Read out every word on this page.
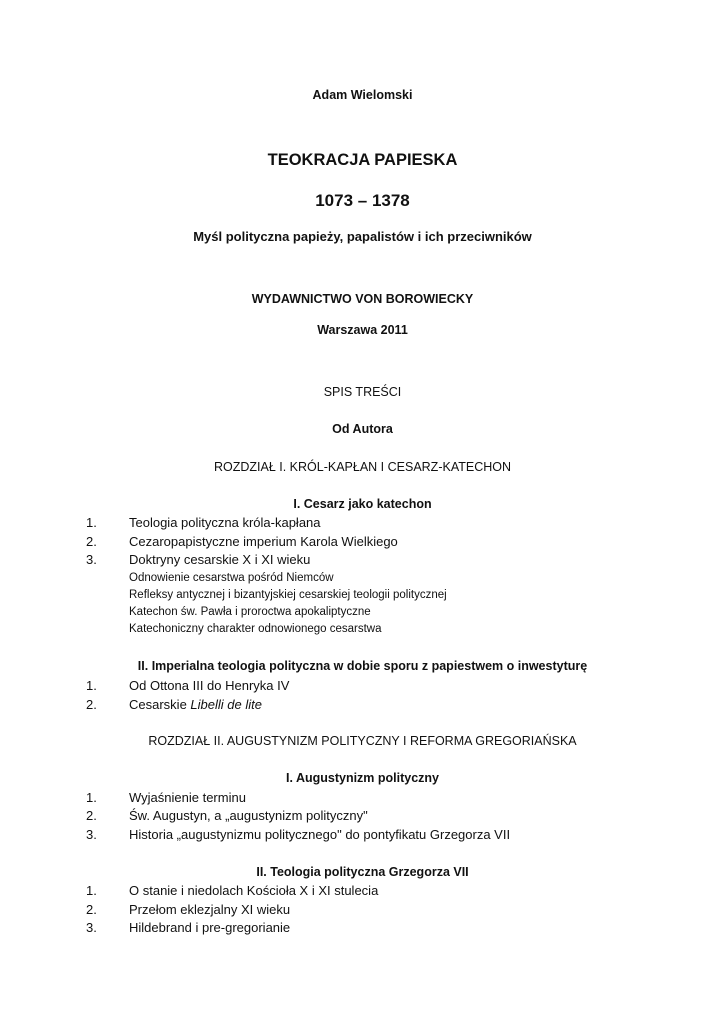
Adam Wielomski
TEOKRACJA PAPIESKA
1073 – 1378
Myśl polityczna papieży, papalistów i ich przeciwników
WYDAWNICTWO VON BOROWIECKY
Warszawa 2011
SPIS TREŚCI
Od Autora
ROZDZIAŁ I. KRÓL-KAPŁAN I CESARZ-KATECHON
I. Cesarz jako katechon
1. Teologia polityczna króla-kapłana
2. Cezaropapistyczne imperium Karola Wielkiego
3. Doktryny cesarskie X i XI wieku
Odnowienie cesarstwa pośród Niemców
Refleksy antycznej i bizantyjskiej cesarskiej teologii politycznej
Katechon św. Pawła i proroctwa apokaliptyczne
Katechoniczny charakter odnowionego cesarstwa
II. Imperialna teologia polityczna w dobie sporu z papiestwem o inwestyturę
1. Od Ottona III do Henryka IV
2. Cesarskie Libelli de lite
ROZDZIAŁ II. AUGUSTYNIZM POLITYCZNY I REFORMA GREGORIAŃSKA
I. Augustynizm polityczny
1. Wyjaśnienie terminu
2. Św. Augustyn, a „augustynizm polityczny"
3. Historia „augustynizmu politycznego" do pontyfikatu Grzegorza VII
II. Teologia polityczna Grzegorza VII
1. O stanie i niedolach Kościoła X i XI stulecia
2. Przełom eklezjalny XI wieku
3. Hildebrand i pre-gregorianie
